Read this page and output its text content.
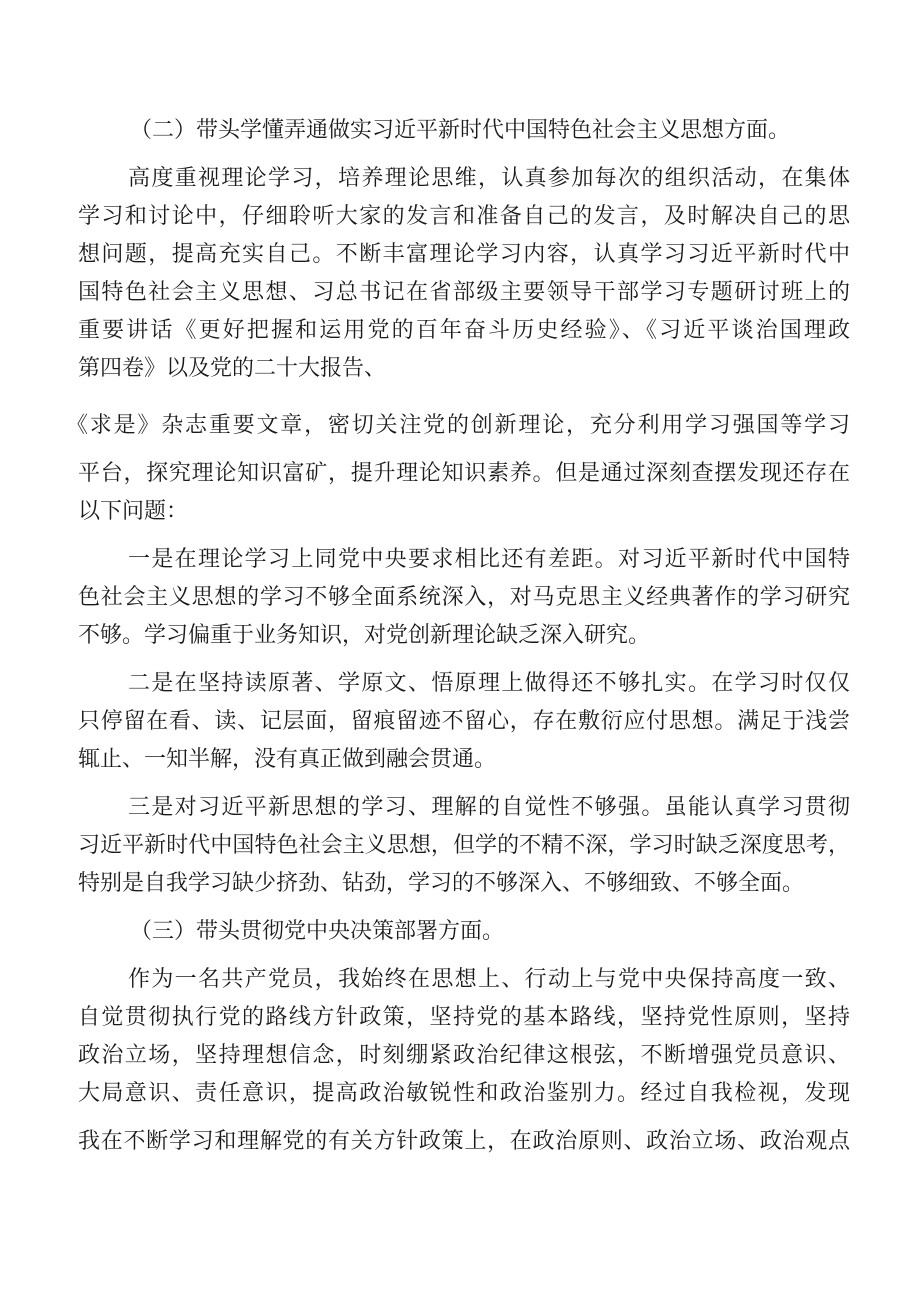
（二）带头学懂弄通做实习近平新时代中国特色社会主义思想方面。
高度重视理论学习，培养理论思维，认真参加每次的组织活动，在集体
学习和讨论中，仔细聆听大家的发言和准备自己的发言，及时解决自己的思
想问题，提高充实自己。不断丰富理论学习内容，认真学习习近平新时代中
国特色社会主义思想、习总书记在省部级主要领导干部学习专题研讨班上的
重要讲话《更好把握和运用党的百年奋斗历史经验》、《习近平谈治国理政
第四卷》以及党的二十大报告、
《求是》杂志重要文章，密切关注党的创新理论，充分利用学习强国等学习
平台，探究理论知识富矿，提升理论知识素养。但是通过深刻查摆发现还存在
以下问题：
一是在理论学习上同党中央要求相比还有差距。对习近平新时代中国特
色社会主义思想的学习不够全面系统深入，对马克思主义经典著作的学习研究
不够。学习偏重于业务知识，对党创新理论缺乏深入研究。
二是在坚持读原著、学原文、悟原理上做得还不够扎实。在学习时仅仅
只停留在看、读、记层面，留痕留迹不留心，存在敷衍应付思想。满足于浅尝
辄止、一知半解，没有真正做到融会贯通。
三是对习近平新思想的学习、理解的自觉性不够强。虽能认真学习贯彻
习近平新时代中国特色社会主义思想，但学的不精不深，学习时缺乏深度思考，
特别是自我学习缺少挤劲、钻劲，学习的不够深入、不够细致、不够全面。
（三）带头贯彻党中央决策部署方面。
作为一名共产党员，我始终在思想上、行动上与党中央保持高度一致、
自觉贯彻执行党的路线方针政策，坚持党的基本路线，坚持党性原则，坚持
政治立场，坚持理想信念，时刻绷紧政治纪律这根弦，不断增强党员意识、
大局意识、责任意识，提高政治敏锐性和政治鉴别力。经过自我检视，发现
我在不断学习和理解党的有关方针政策上，在政治原则、政治立场、政治观点
